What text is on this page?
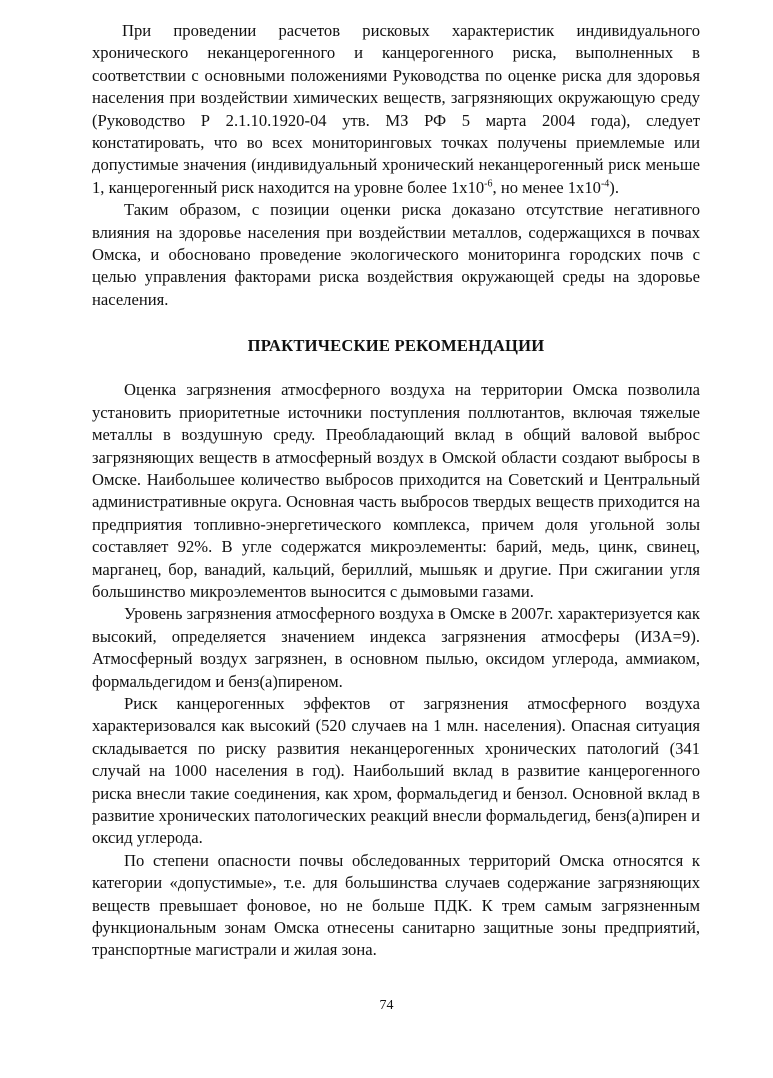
При проведении расчетов рисковых характеристик индивидуального хронического неканцерогенного и канцерогенного риска, выполненных в соответствии с основными положениями Руководства по оценке риска для здоровья населения при воздействии химических веществ, загрязняющих окружающую среду (Руководство Р 2.1.10.1920-04 утв. МЗ РФ 5 марта 2004 года), следует констатировать, что во всех мониторинговых точках получены приемлемые или допустимые значения (индивидуальный хронический неканцерогенный риск меньше 1, канцерогенный риск находится на уровне более $1x10^{-6}$, но менее $1x10^{-4}$).

Таким образом, с позиции оценки риска доказано отсутствие негативного влияния на здоровье населения при воздействии металлов, содержащихся в почвах Омска, и обосновано проведение экологического мониторинга городских почв с целью управления факторами риска воздействия окружающей среды на здоровье населения.

ПРАКТИЧЕСКИЕ РЕКОМЕНДАЦИИ

Оценка загрязнения атмосферного воздуха на территории Омска позволила установить приоритетные источники поступления поллютантов, включая тяжелые металлы в воздушную среду. Преобладающий вклад в общий валовой выброс загрязняющих веществ в атмосферный воздух в Омской области создают выбросы в Омске. Наибольшее количество выбросов приходится на Советский и Центральный административные округа. Основная часть выбросов твердых веществ приходится на предприятия топливно-энергетического комплекса, причем доля угольной золы составляет 92%. В угле содержатся микроэлементы: барий, медь, цинк, свинец, марганец, бор, ванадий, кальций, бериллий, мышьяк и другие. При сжигании угля большинство микроэлементов выносится с дымовыми газами.

Уровень загрязнения атмосферного воздуха в Омске в 2007г. характеризуется как высокий, определяется значением индекса загрязнения атмосферы (ИЗА=9). Атмосферный воздух загрязнен, в основном пылью, оксидом углерода, аммиаком, формальдегидом и бенз(а)пиреном.

Риск канцерогенных эффектов от загрязнения атмосферного воздуха характеризовался как высокий (520 случаев на 1 млн. населения). Опасная ситуация складывается по риску развития неканцерогенных хронических патологий (341 случай на 1000 населения в год). Наибольший вклад в развитие канцерогенного риска внесли такие соединения, как хром, формальдегид и бензол. Основной вклад в развитие хронических патологических реакций внесли формальдегид, бенз(а)пирен и оксид углерода.

По степени опасности почвы обследованных территорий Омска относятся к категории «допустимые», т.е. для большинства случаев содержание загрязняющих веществ превышает фоновое, но не больше ПДК. К трем самым загрязненным функциональным зонам Омска отнесены санитарно защитные зоны предприятий, транспортные магистрали и жилая зона.

74
